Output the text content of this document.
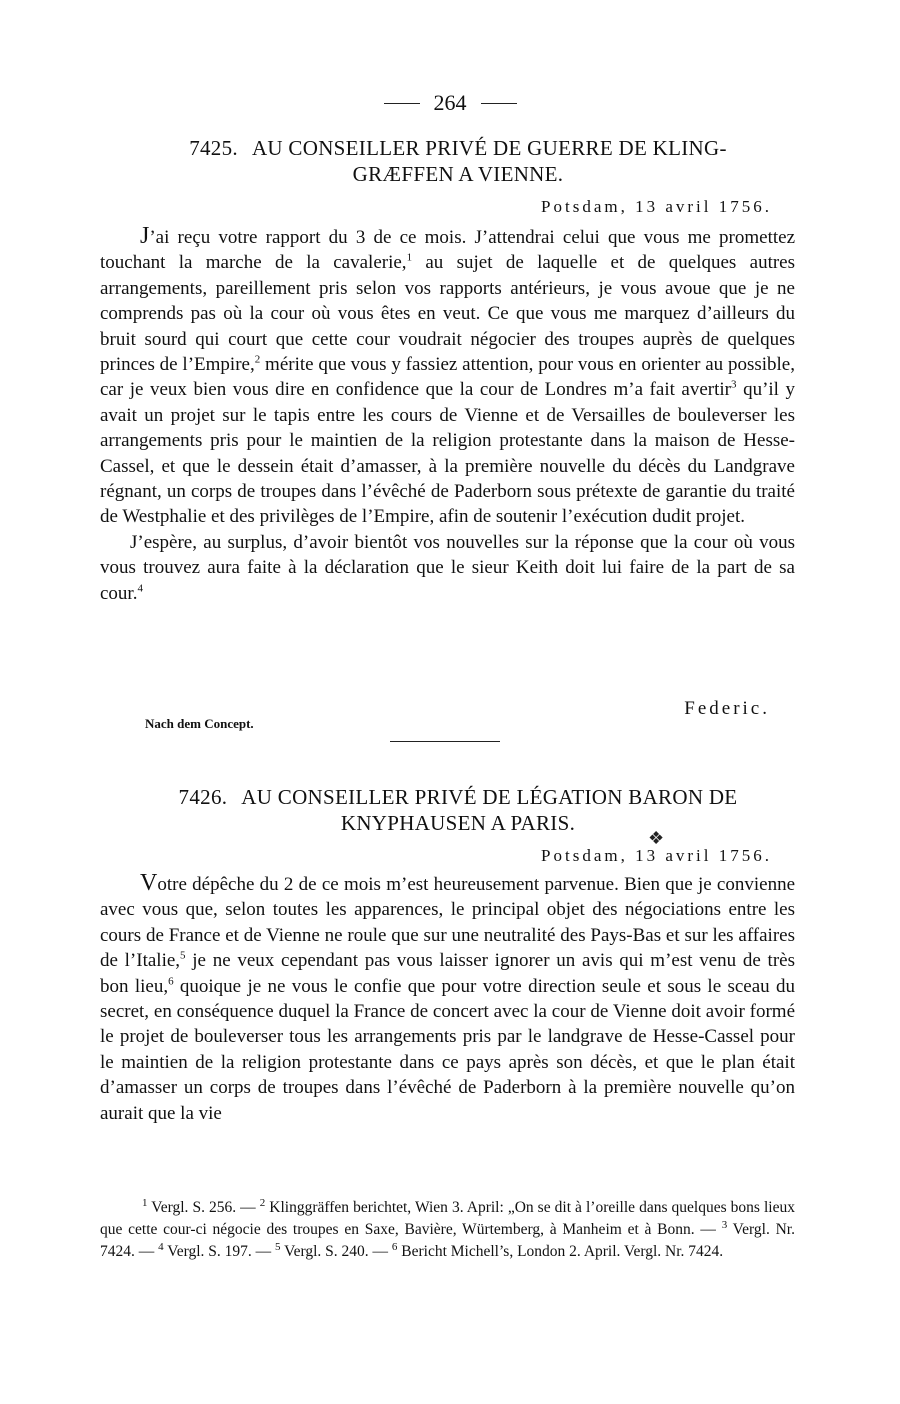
264
7425. AU CONSEILLER PRIVÉ DE GUERRE DE KLING-
GRÆFFEN A VIENNE.
Potsdam, 13 avril 1756.

J’ai reçu votre rapport du 3 de ce mois. J’attendrai celui que vous me promettez touchant la marche de la cavalerie,$^1$ au sujet de laquelle et de quelques autres arrangements, pareillement pris selon vos rapports antérieurs, je vous avoue que je ne comprends pas où la cour où vous êtes en veut. Ce que vous me marquez d’ailleurs du bruit sourd qui court que cette cour voudrait négocier des troupes auprès de quelques princes de l’Empire,$^2$ mérite que vous y fassiez attention, pour vous en orienter au possible, car je veux bien vous dire en confidence que la cour de Londres m’a fait avertir$^3$ qu’il y avait un projet sur le tapis entre les cours de Vienne et de Versailles de bouleverser les arrangements pris pour le maintien de la religion protestante dans la maison de Hesse-Cassel, et que le dessein était d’amasser, à la première nouvelle du décès du Landgrave régnant, un corps de troupes dans l’évêché de Paderborn sous prétexte de garantie du traité de Westphalie et des privilèges de l’Empire, afin de soutenir l’exécution dudit projet.

J’espère, au surplus, d’avoir bientôt vos nouvelles sur la réponse que la cour où vous vous trouvez aura faite à la déclaration que le sieur Keith doit lui faire de la part de sa cour.$^4$

Federic.
Nach dem Concept.
7426. AU CONSEILLER PRIVÉ DE LÉGATION BARON DE
KNYPHAUSEN A PARIS.
❖
Potsdam, 13 avril 1756.

Votre dépêche du 2 de ce mois m’est heureusement parvenue. Bien que je convienne avec vous que, selon toutes les apparences, le principal objet des négociations entre les cours de France et de Vienne ne roule que sur une neutralité des Pays-Bas et sur les affaires de l’Italie,$^5$ je ne veux cependant pas vous laisser ignorer un avis qui m’est venu de très bon lieu,$^6$ quoique je ne vous le confie que pour votre direction seule et sous le sceau du secret, en conséquence duquel la France de concert avec la cour de Vienne doit avoir formé le projet de bouleverser tous les arrangements pris par le landgrave de Hesse-Cassel pour le maintien de la religion protestante dans ce pays après son décès, et que le plan était d’amasser un corps de troupes dans l’évêché de Paderborn à la première nouvelle qu’on aurait que la vie

$^1$ Vergl. S. 256. — $^2$ Klinggräffen berichtet, Wien 3. April: „On se dit à l’oreille dans quelques bons lieux que cette cour-ci négocie des troupes en Saxe, Bavière, Würtemberg, à Manheim et à Bonn. — $^3$ Vergl. Nr. 7424. — $^4$ Vergl. S. 197. — $^5$ Vergl. S. 240. — $^6$ Bericht Michell’s, London 2. April. Vergl. Nr. 7424.
